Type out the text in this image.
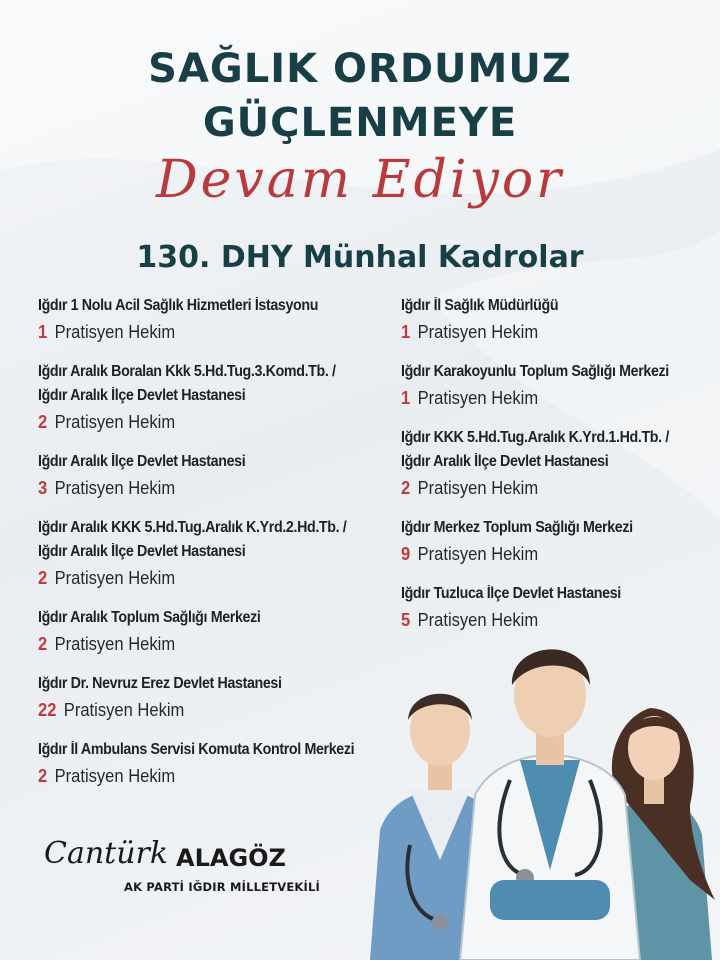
SAĞLIK ORDUMUZ
GÜÇLENMEYE
Devam Ediyor
130. DHY Münhal Kadrolar
Iğdır 1 Nolu Acil Sağlık Hizmetleri İstasyonu
1 Pratisyen Hekim
Iğdır Aralık Boralan Kkk 5.Hd.Tug.3.Komd.Tb. /
Iğdır Aralık İlçe Devlet Hastanesi
2 Pratisyen Hekim
Iğdır Aralık İlçe Devlet Hastanesi
3 Pratisyen Hekim
Iğdır Aralık KKK 5.Hd.Tug.Aralık K.Yrd.2.Hd.Tb. /
Iğdır Aralık İlçe Devlet Hastanesi
2 Pratisyen Hekim
Iğdır Aralık Toplum Sağlığı Merkezi
2 Pratisyen Hekim
Iğdır Dr. Nevruz Erez Devlet Hastanesi
22 Pratisyen Hekim
Iğdır İl Ambulans Servisi Komuta Kontrol Merkezi
2 Pratisyen Hekim
Iğdır İl Sağlık Müdürlüğü
1 Pratisyen Hekim
Iğdır Karakoyunlu Toplum Sağlığı Merkezi
1 Pratisyen Hekim
Iğdır KKK 5.Hd.Tug.Aralık K.Yrd.1.Hd.Tb. /
Iğdır Aralık İlçe Devlet Hastanesi
2 Pratisyen Hekim
Iğdır Merkez Toplum Sağlığı Merkezi
9 Pratisyen Hekim
Iğdır Tuzluca İlçe Devlet Hastanesi
5 Pratisyen Hekim
Cantürk ALAGÖZ
AK PARTİ IĞDIR MİLLETVEKİLİ
